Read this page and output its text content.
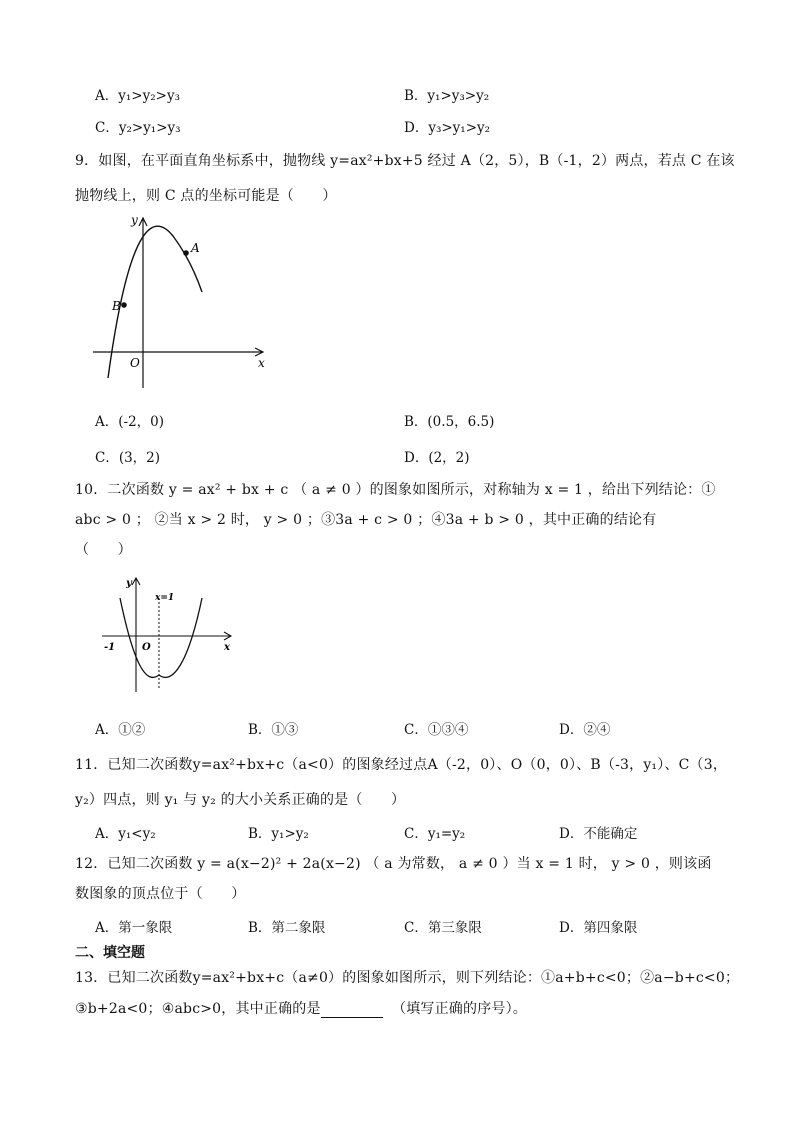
A．y₁>y₂>y₃	B．y₁>y₃>y₂
C．y₂>y₁>y₃	D．y₃>y₁>y₂
9．如图，在平面直角坐标系中，抛物线 y=ax²+bx+5 经过 A（2，5），B（-1，2）两点，若点 C 在该
抛物线上，则 C 点的坐标可能是（　　）
A
B
y
x
O
A．(-2，0)	B．(0.5，6.5)
C．(3，2)	D．(2，2)
10．二次函数 y = ax² + bx + c （ a ≠ 0 ）的图象如图所示，对称轴为 x = 1 ，给出下列结论：①
abc > 0 ； ②当 x > 2 时， y > 0 ；③3a + c > 0 ；④3a + b > 0 ，其中正确的结论有
（　　）
y
x
O
x=1
-1
A．①②	B．①③	C．①③④	D．②④
11．已知二次函数y=ax²+bx+c（a<0）的图象经过点A（-2，0）、O（0，0）、B（-3，y₁）、C（3，
y₂）四点，则 y₁ 与 y₂ 的大小关系正确的是（　　）
A．y₁<y₂	B．y₁>y₂	C．y₁=y₂	D．不能确定
12．已知二次函数 y = a(x−2)² + 2a(x−2) （ a 为常数， a ≠ 0 ）当 x = 1 时， y > 0 ，则该函
数图象的顶点位于（　　）
A．第一象限	B．第二象限	C．第三象限	D．第四象限
二、填空题
13．已知二次函数y=ax²+bx+c（a≠0）的图象如图所示，则下列结论：①a+b+c<0；②a−b+c<0；
③b+2a<0；④abc>0，其中正确的是	（填写正确的序号）。
